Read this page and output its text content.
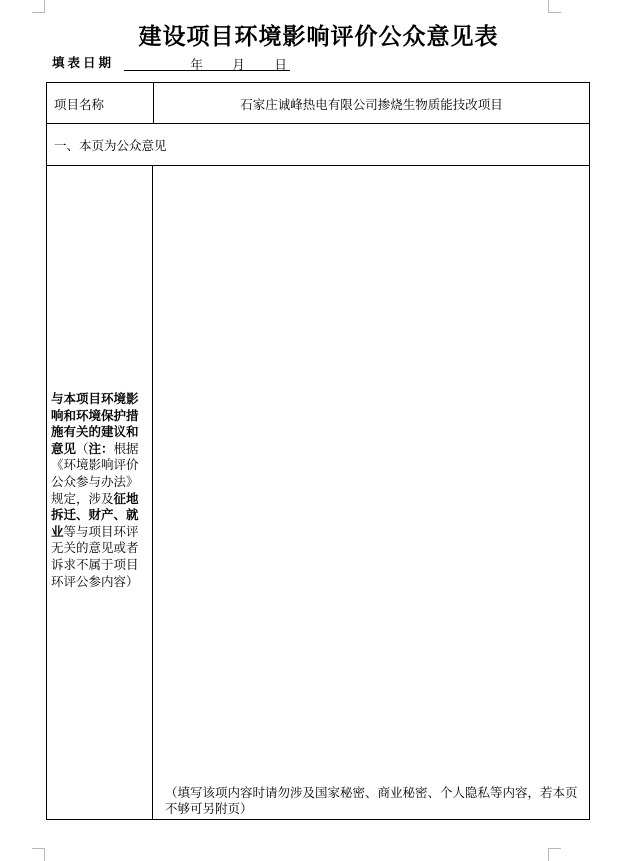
建设项目环境影响评价公众意见表
填表日期	年 月 日
项目名称	石家庄诚峰热电有限公司掺烧生物质能技改项目
一、本页为公众意见
与本项目环境影响和环境保护措施有关的建议和意见（注：根据《环境影响评价公众参与办法》规定，涉及征地拆迁、财产、就业等与项目环评无关的意见或者诉求不属于项目环评公参内容）
（填写该项内容时请勿涉及国家秘密、商业秘密、个人隐私等内容，若本页不够可另附页）
